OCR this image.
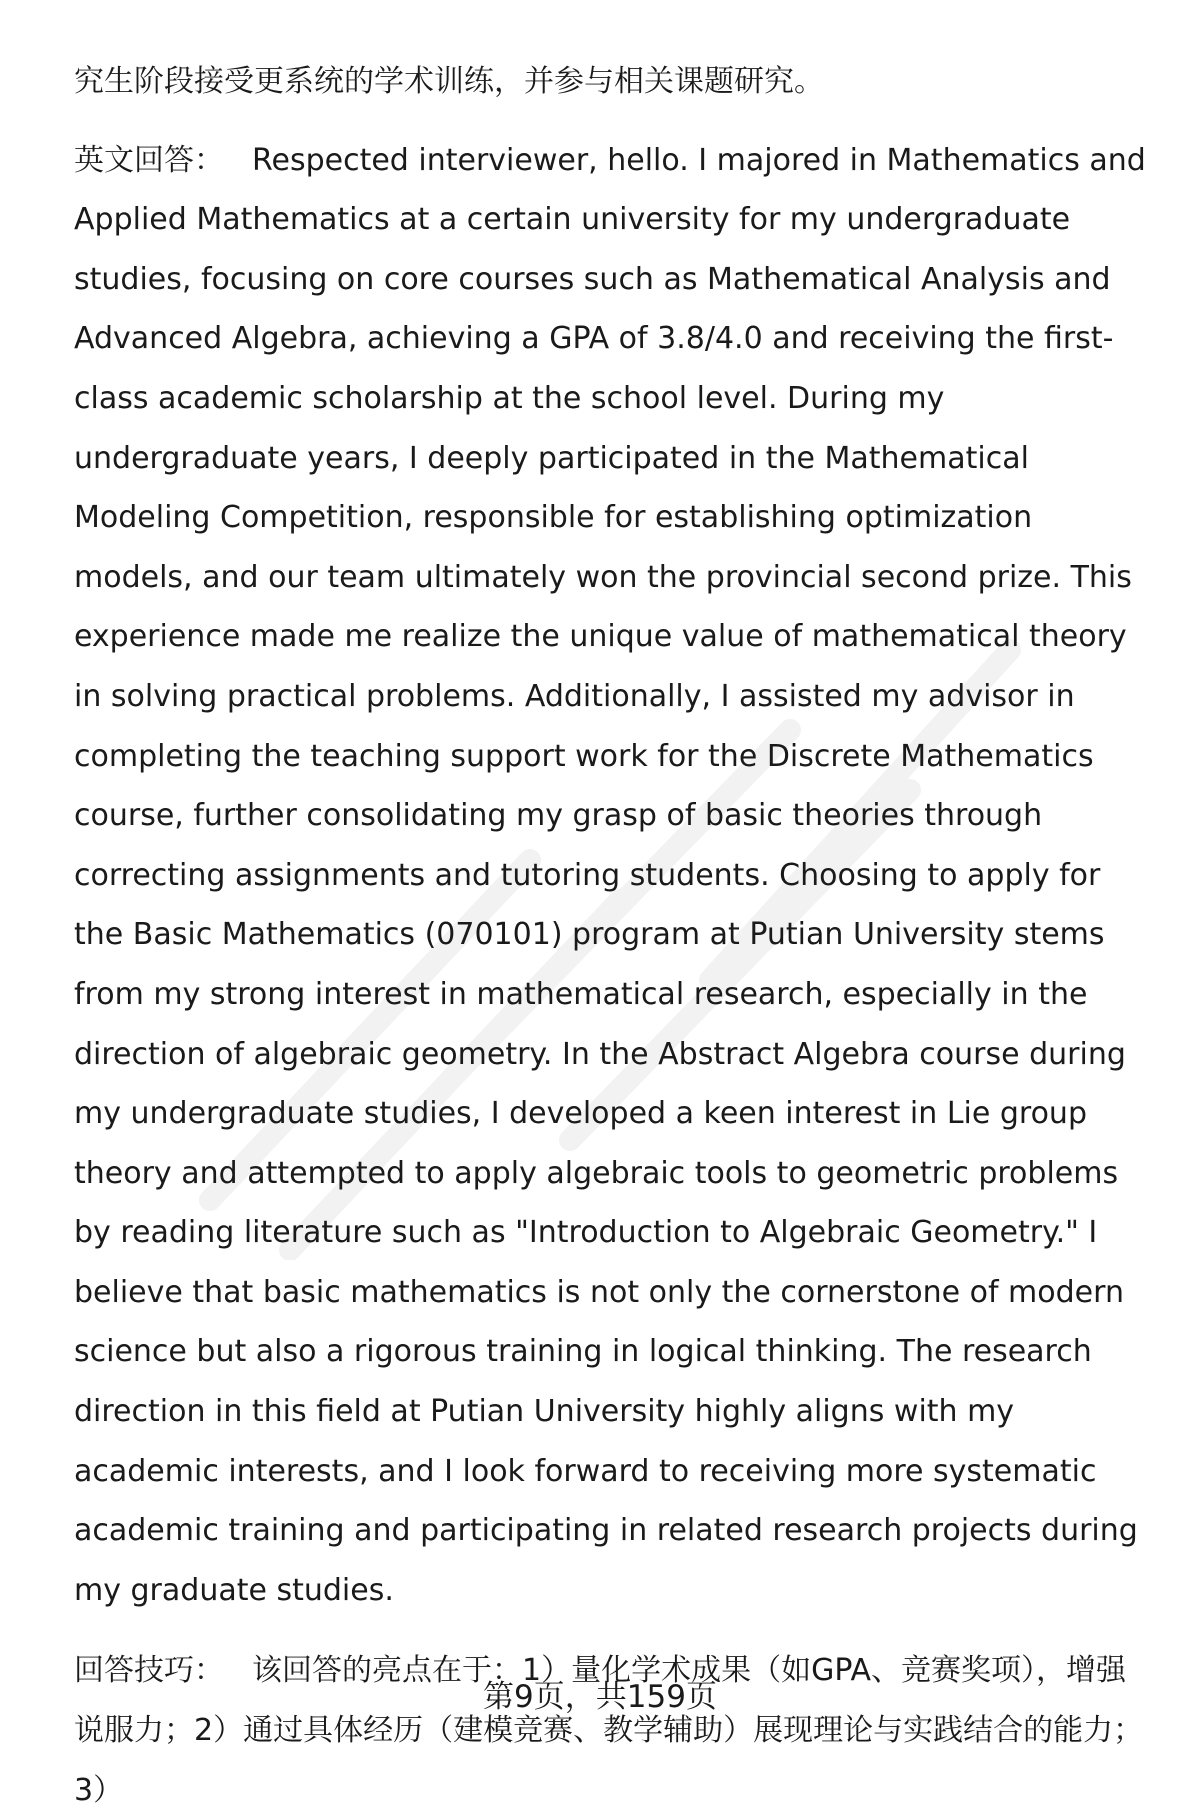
究生阶段接受更系统的学术训练，并参与相关课题研究。

英文回答： Respected interviewer, hello. I majored in Mathematics and Applied Mathematics at a certain university for my undergraduate studies, focusing on core courses such as Mathematical Analysis and Advanced Algebra, achieving a GPA of 3.8/4.0 and receiving the first-class academic scholarship at the school level. During my undergraduate years, I deeply participated in the Mathematical Modeling Competition, responsible for establishing optimization models, and our team ultimately won the provincial second prize. This experience made me realize the unique value of mathematical theory in solving practical problems. Additionally, I assisted my advisor in completing the teaching support work for the Discrete Mathematics course, further consolidating my grasp of basic theories through correcting assignments and tutoring students. Choosing to apply for the Basic Mathematics (070101) program at Putian University stems from my strong interest in mathematical research, especially in the direction of algebraic geometry. In the Abstract Algebra course during my undergraduate studies, I developed a keen interest in Lie group theory and attempted to apply algebraic tools to geometric problems by reading literature such as "Introduction to Algebraic Geometry." I believe that basic mathematics is not only the cornerstone of modern science but also a rigorous training in logical thinking. The research direction in this field at Putian University highly aligns with my academic interests, and I look forward to receiving more systematic academic training and participating in related research projects during my graduate studies.

回答技巧： 该回答的亮点在于：1）量化学术成果（如GPA、竞赛奖项），增强说服力；2）通过具体经历（建模竞赛、教学辅助）展现理论与实践结合的能力；3）

第9页，共159页
